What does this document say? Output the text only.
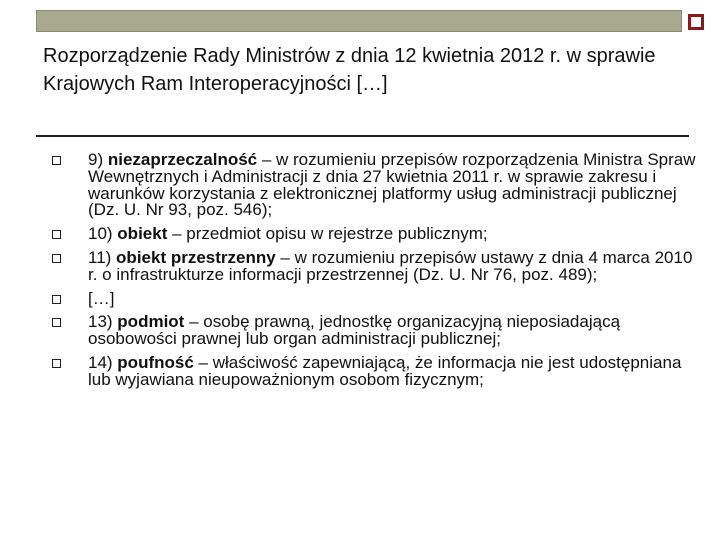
Rozporządzenie Rady Ministrów z dnia 12 kwietnia 2012 r. w sprawie Krajowych Ram Interoperacyjności […]
9) niezaprzeczalność – w rozumieniu przepisów rozporządzenia Ministra Spraw Wewnętrznych i Administracji z dnia 27 kwietnia 2011 r. w sprawie zakresu i warunków korzystania z elektronicznej platformy usług administracji publicznej (Dz. U. Nr 93, poz. 546);
10) obiekt – przedmiot opisu w rejestrze publicznym;
11) obiekt przestrzenny – w rozumieniu przepisów ustawy z dnia 4 marca 2010 r. o infrastrukturze informacji przestrzennej (Dz. U. Nr 76, poz. 489);
[…]
13) podmiot – osobę prawną, jednostkę organizacyjną nieposiadającą osobowości prawnej lub organ administracji publicznej;
14) poufność – właściwość zapewniającą, że informacja nie jest udostępniana lub wyjawiana nieupoważnionym osobom fizycznym;
